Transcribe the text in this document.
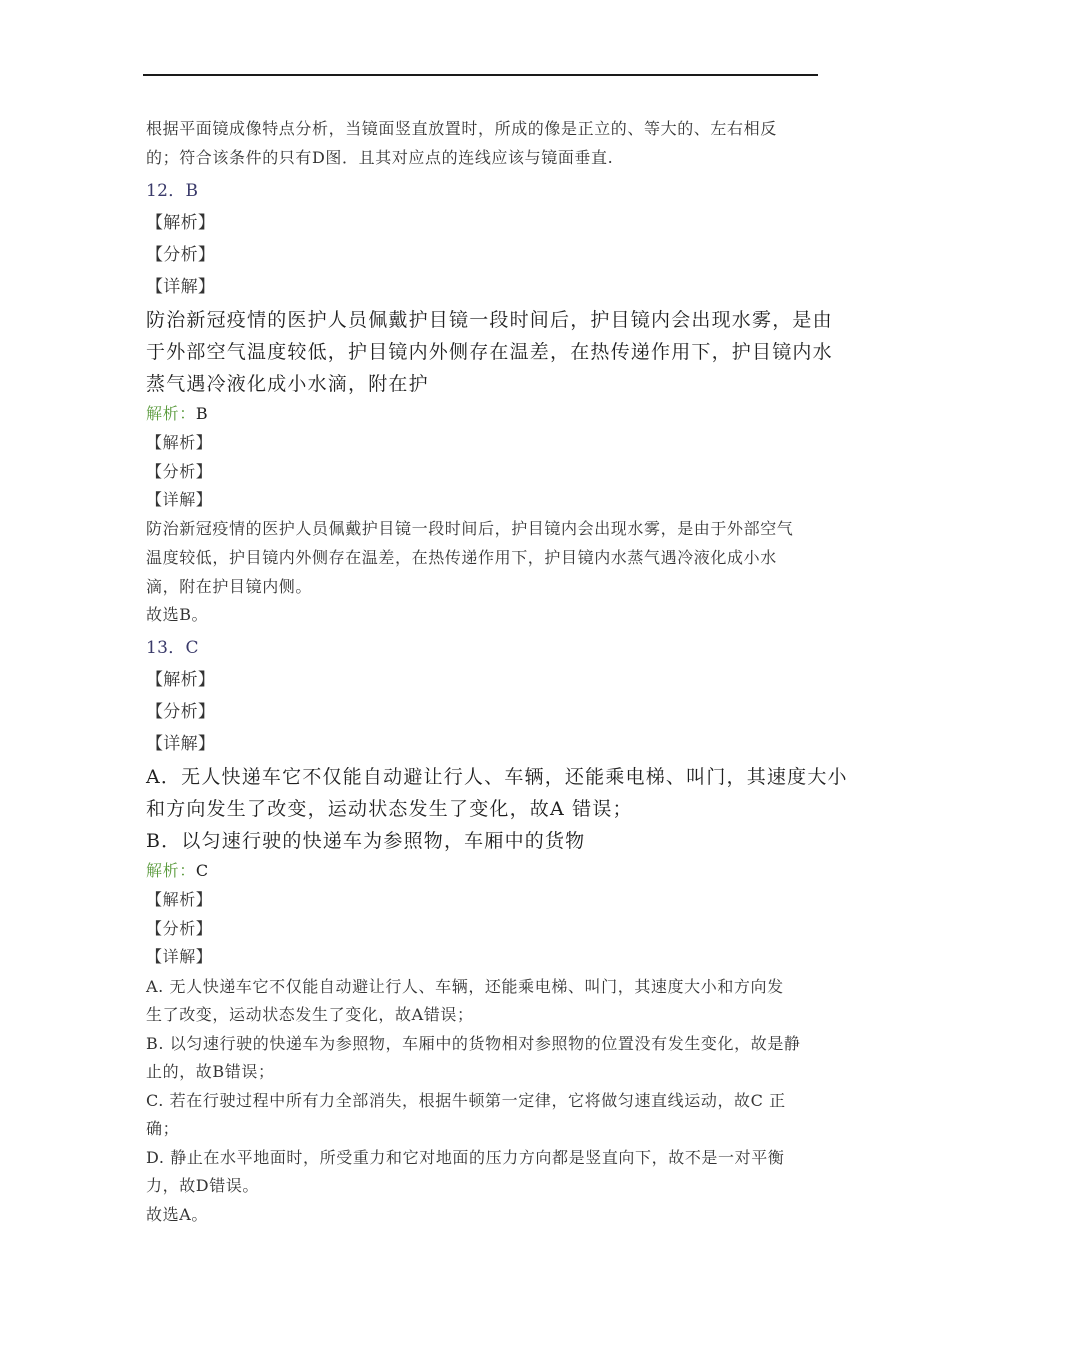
根据平面镜成像特点分析，当镜面竖直放置时，所成的像是正立的、等大的、左右相反

的；符合该条件的只有D图．且其对应点的连线应该与镜面垂直.

12．B

【解析】

【分析】

【详解】

防治新冠疫情的医护人员佩戴护目镜一段时间后，护目镜内会出现水雾，是由

于外部空气温度较低，护目镜内外侧存在温差，在热传递作用下，护目镜内水

蒸气遇冷液化成小水滴，附在护

解析：B

【解析】

【分析】

【详解】

防治新冠疫情的医护人员佩戴护目镜一段时间后，护目镜内会出现水雾，是由于外部空气

温度较低，护目镜内外侧存在温差，在热传递作用下，护目镜内水蒸气遇冷液化成小水

滴，附在护目镜内侧。

故选B。

13．C

【解析】

【分析】

【详解】

A．无人快递车它不仅能自动避让行人、车辆，还能乘电梯、叫门，其速度大小

和方向发生了改变，运动状态发生了变化，故A 错误；

B．以匀速行驶的快递车为参照物，车厢中的货物

解析：C

【解析】

【分析】

【详解】

A. 无人快递车它不仅能自动避让行人、车辆，还能乘电梯、叫门，其速度大小和方向发

生了改变，运动状态发生了变化，故A错误；

B. 以匀速行驶的快递车为参照物，车厢中的货物相对参照物的位置没有发生变化，故是静

止的，故B错误；

C. 若在行驶过程中所有力全部消失，根据牛顿第一定律，它将做匀速直线运动，故C 正

确；

D. 静止在水平地面时，所受重力和它对地面的压力方向都是竖直向下，故不是一对平衡

力，故D错误。

故选A。
